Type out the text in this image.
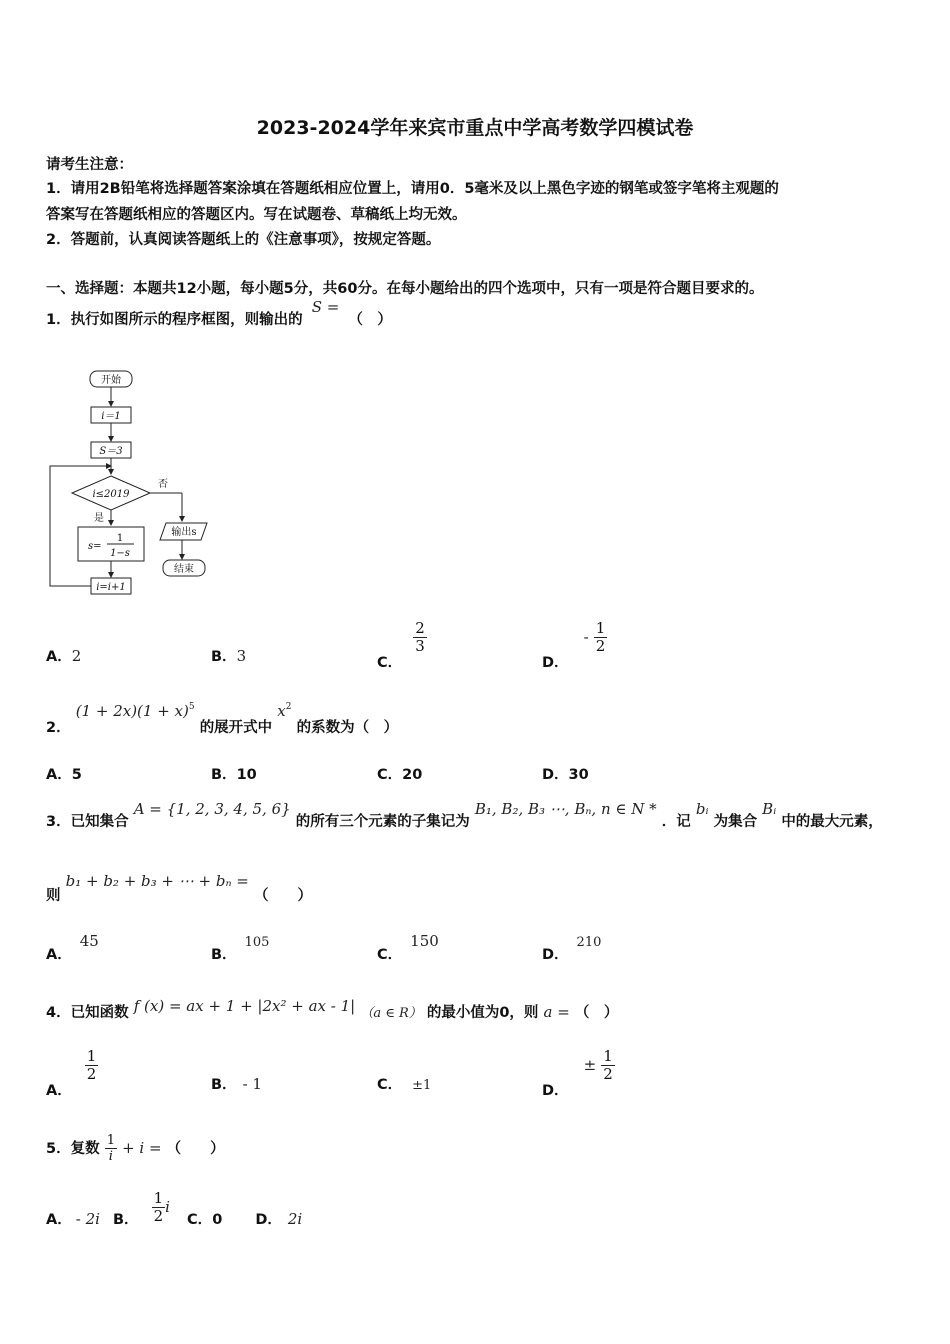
2023-2024学年来宾市重点中学高考数学四模试卷
请考生注意：
1．请用2B铅笔将选择题答案涂填在答题纸相应位置上，请用0．5毫米及以上黑色字迹的钢笔或签字笔将主观题的
答案写在答题纸相应的答题区内。写在试题卷、草稿纸上均无效。
2．答题前，认真阅读答题纸上的《注意事项》，按规定答题。
一、选择题：本题共12小题，每小题5分，共60分。在每小题给出的四个选项中，只有一项是符合题目要求的。
1．执行如图所示的程序框图，则输出的 S = （　）
开始
i＝1
S＝3
i≤2019
否
输出s
结束
是
s=
1
1−s
i=i+1
A．2	B．3	C．
$\frac{2}{3}$
D． - $\frac{1}{2}$
2． $(1 + 2x)(1 + x)^5$ 的展开式中 $x^2$ 的系数为（　）
A．5	B．10	C．20	D．30
3．已知集合 A = {1, 2, 3, 4, 5, 6} 的所有三个元素的子集记为 B₁, B₂, B₃ ⋯, Bₙ, n ∈ N * ．记 bᵢ 为集合 Bᵢ 中的最大元素，
则 b₁ + b₂ + b₃ + ⋯ + bₙ = （　　）
A．45
B．105
C．150
D．210
4．已知函数 f (x) = ax + 1 + |2x² + ax - 1| $_{(a \in R)}$ 的最小值为0，则 a = （　）
A．
$\frac{1}{2}$
B． - 1	C． ±1	D． ± $\frac{1}{2}$
5．复数 $\frac{1}{i} + i$ = （　　）
A． - 2i B． $\frac{1}{2}$ i C．0 D． 2i
